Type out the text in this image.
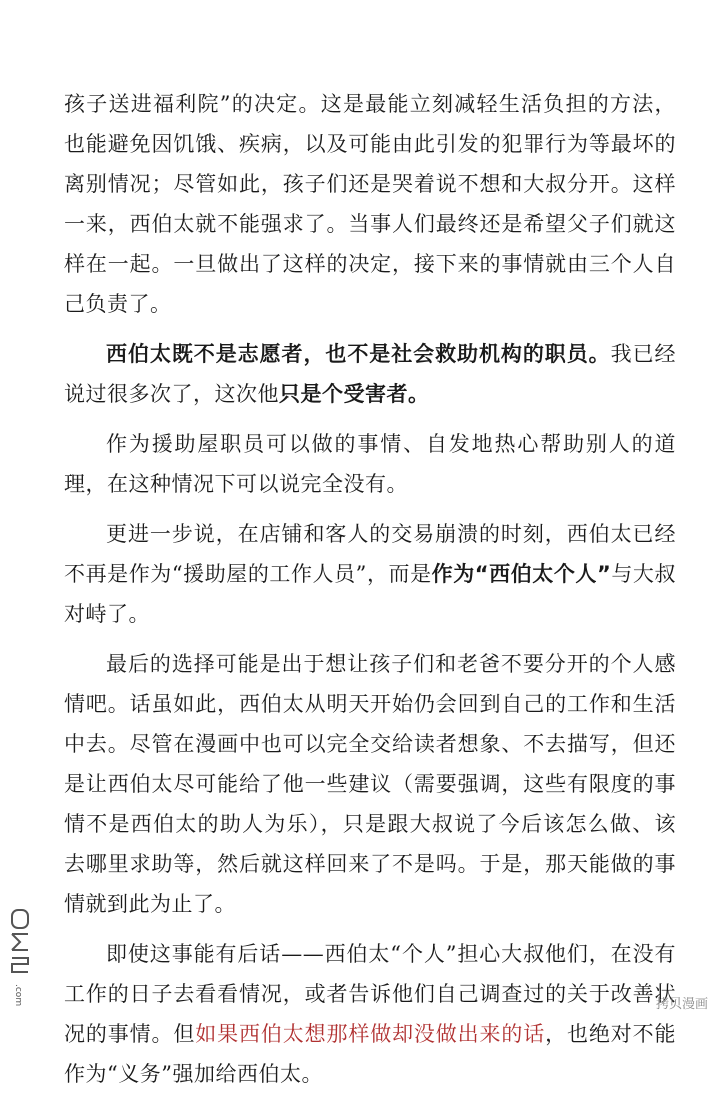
孩子送进福利院”的决定。这是最能立刻减轻生活负担的方法，也能避免因饥饿、疾病，以及可能由此引发的犯罪行为等最坏的离别情况；尽管如此，孩子们还是哭着说不想和大叔分开。这样一来，西伯太就不能强求了。当事人们最终还是希望父子们就这样在一起。一旦做出了这样的决定，接下来的事情就由三个人自己负责了。

西伯太既不是志愿者，也不是社会救助机构的职员。我已经说过很多次了，这次他只是个受害者。

作为援助屋职员可以做的事情、自发地热心帮助别人的道理，在这种情况下可以说完全没有。

更进一步说，在店铺和客人的交易崩溃的时刻，西伯太已经不再是作为“援助屋的工作人员”，而是作为“西伯太个人”与大叔对峙了。

最后的选择可能是出于想让孩子们和老爸不要分开的个人感情吧。话虽如此，西伯太从明天开始仍会回到自己的工作和生活中去。尽管在漫画中也可以完全交给读者想象、不去描写，但还是让西伯太尽可能给了他一些建议（需要强调，这些有限度的事情不是西伯太的助人为乐），只是跟大叔说了今后该怎么做、该去哪里求助等，然后就这样回来了不是吗。于是，那天能做的事情就到此为止了。

即使这事能有后话——西伯太“个人”担心大叔他们，在没有工作的日子去看看情况，或者告诉他们自己调查过的关于改善状况的事情。但如果西伯太想那样做却没做出来的话，也绝对不能作为“义务”强加给西伯太。

.com	拷贝漫画
